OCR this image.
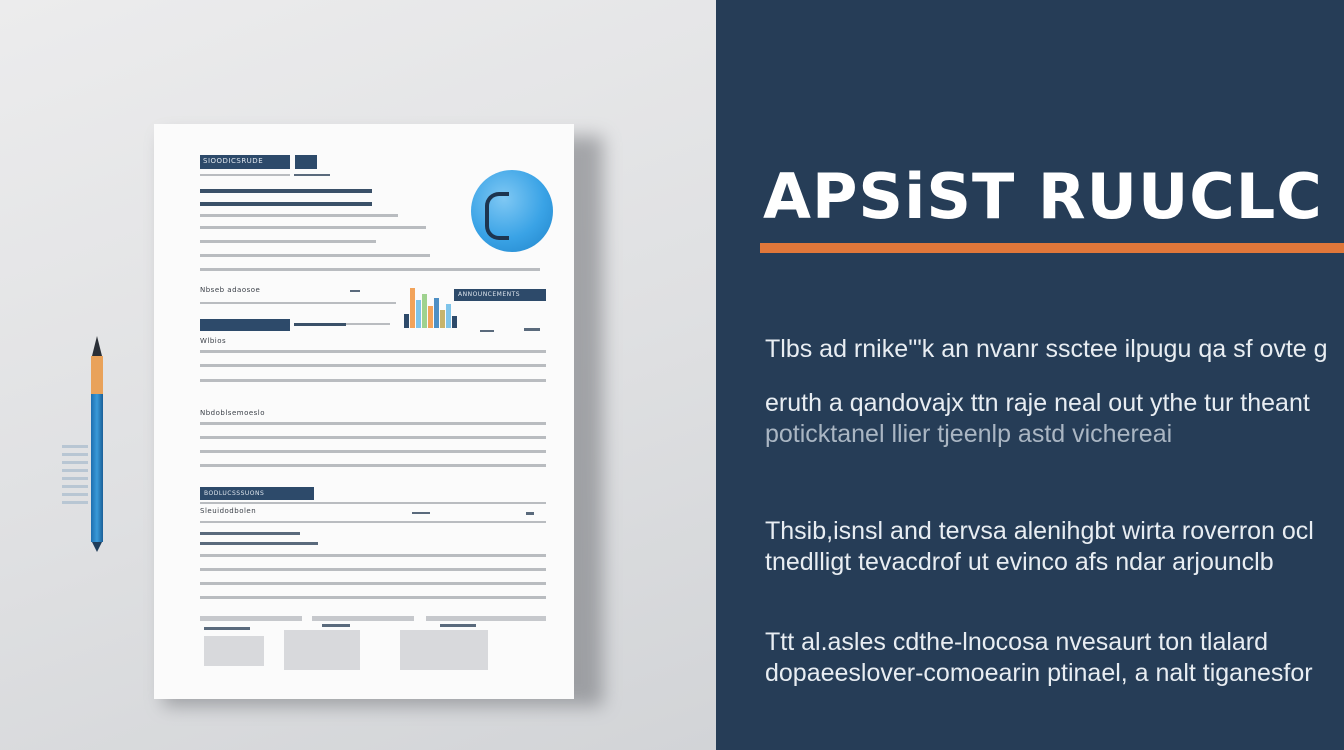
SIOODICSRUDE
Nbseb adaosoe
ANNOUNCEMENTS
Wlbios
Nbdoblsemoeslo
BODLUCSSSUONS
Sleuidodbolen
APSiST RUUCLC
Tlbs ad rnike'"k an nvanr ssctee ilpugu qa sf ovte g
eruth a qandovajx ttn raje neal out ythe tur theant
poticktanel llier tjeenlp astd vichereai
Thsib,isnsl and tervsa alenihgbt wirta roverron ocl
tnedlligt tevacdrof ut evinco afs ndar arjounclb
Ttt al.asles cdthe-lnocosa nvesaurt ton tlalard
dopaeeslover-comoearin ptinael, a nalt tiganesfor
